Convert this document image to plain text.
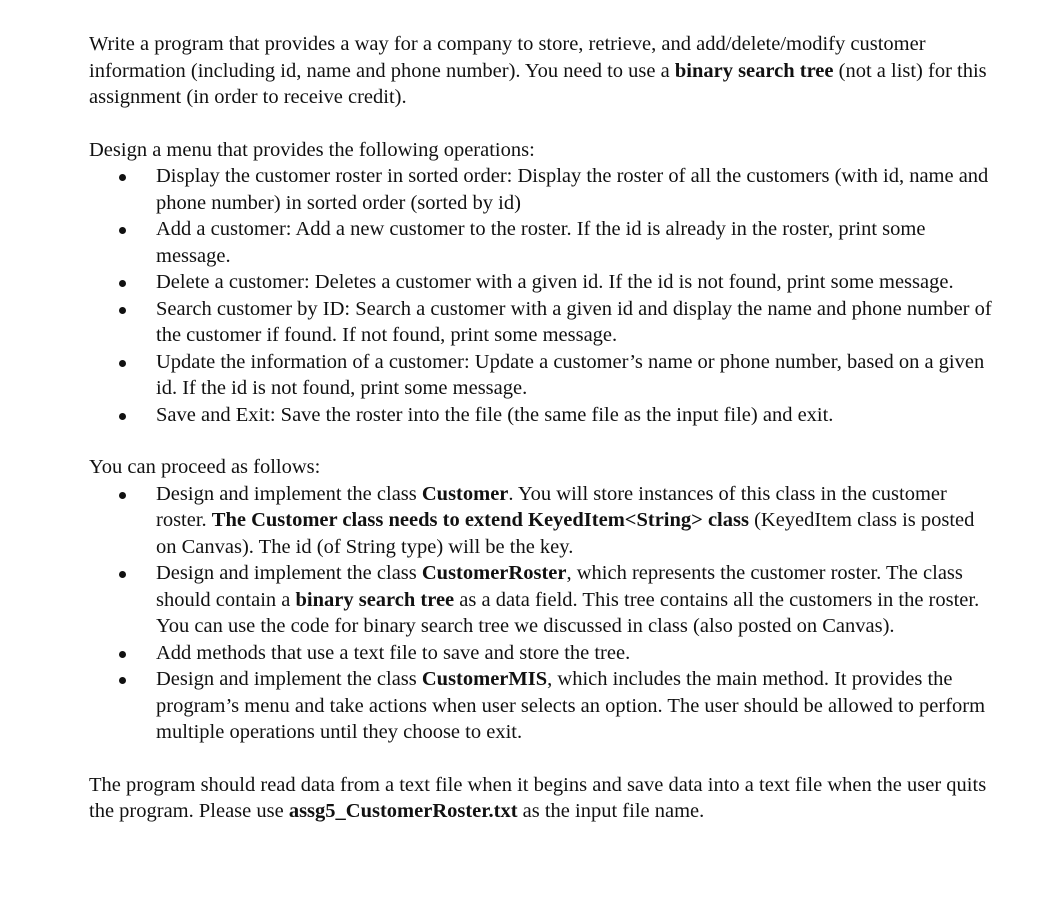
Write a program that provides a way for a company to store, retrieve, and add/delete/modify customer information (including id, name and phone number). You need to use a binary search tree (not a list) for this assignment (in order to receive credit).

Design a menu that provides the following operations:

Display the customer roster in sorted order: Display the roster of all the customers (with id, name and phone number) in sorted order (sorted by id)
Add a customer: Add a new customer to the roster. If the id is already in the roster, print some message.
Delete a customer: Deletes a customer with a given id. If the id is not found, print some message.
Search customer by ID: Search a customer with a given id and display the name and phone number of the customer if found. If not found, print some message.
Update the information of a customer: Update a customer’s name or phone number, based on a given id. If the id is not found, print some message.
Save and Exit: Save the roster into the file (the same file as the input file) and exit.

You can proceed as follows:

Design and implement the class Customer. You will store instances of this class in the customer roster. The Customer class needs to extend KeyedItem<String> class (KeyedItem class is posted on Canvas). The id (of String type) will be the key.
Design and implement the class CustomerRoster, which represents the customer roster. The class should contain a binary search tree as a data field. This tree contains all the customers in the roster. You can use the code for binary search tree we discussed in class (also posted on Canvas).
Add methods that use a text file to save and store the tree.
Design and implement the class CustomerMIS, which includes the main method. It provides the program’s menu and take actions when user selects an option. The user should be allowed to perform multiple operations until they choose to exit.

The program should read data from a text file when it begins and save data into a text file when the user quits the program. Please use assg5_CustomerRoster.txt as the input file name.
